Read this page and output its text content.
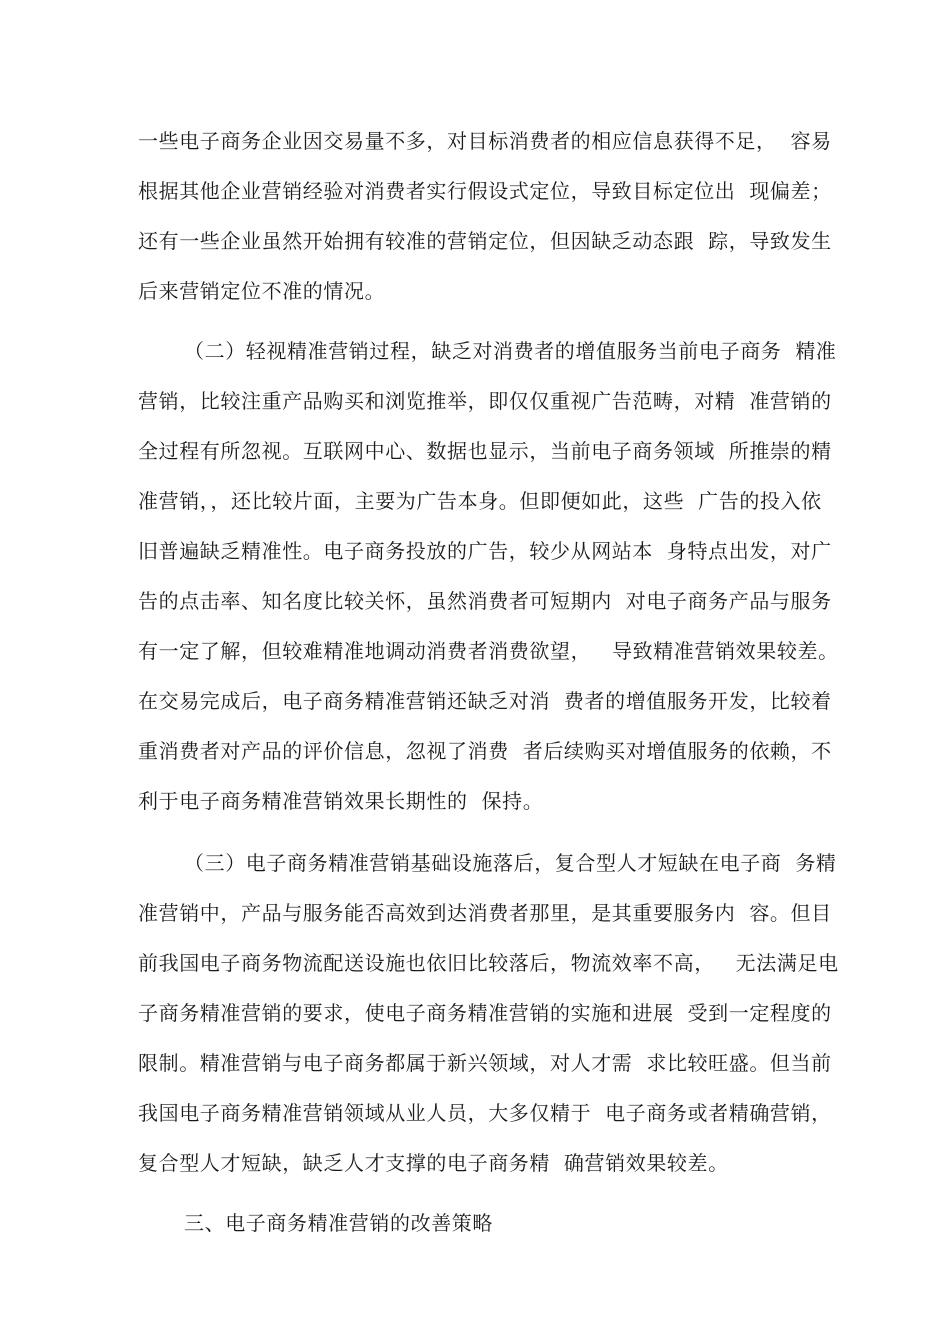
一些电子商务企业因交易量不多，对目标消费者的相应信息获得不足，  容易
根据其他企业营销经验对消费者实行假设式定位，导致目标定位出  现偏差；
还有一些企业虽然开始拥有较准的营销定位，但因缺乏动态跟  踪，导致发生
后来营销定位不准的情况。
（二）轻视精准营销过程，缺乏对消费者的增值服务当前电子商务  精准
营销，比较注重产品购买和浏览推举，即仅仅重视广告范畴，对精  准营销的
全过程有所忽视。互联网中心、数据也显示，当前电子商务领域  所推崇的精
准营销，，还比较片面，主要为广告本身。但即便如此，这些  广告的投入依
旧普遍缺乏精准性。电子商务投放的广告，较少从网站本  身特点出发，对广
告的点击率、知名度比较关怀，虽然消费者可短期内  对电子商务产品与服务
有一定了解，但较难精准地调动消费者消费欲望，   导致精准营销效果较差。
在交易完成后，电子商务精准营销还缺乏对消  费者的增值服务开发，比较着
重消费者对产品的评价信息，忽视了消费  者后续购买对增值服务的依赖，不
利于电子商务精准营销效果长期性的  保持。
（三）电子商务精准营销基础设施落后，复合型人才短缺在电子商  务精
准营销中，产品与服务能否高效到达消费者那里，是其重要服务内  容。但目
前我国电子商务物流配送设施也依旧比较落后，物流效率不高，   无法满足电
子商务精准营销的要求，使电子商务精准营销的实施和进展  受到一定程度的
限制。精准营销与电子商务都属于新兴领域，对人才需  求比较旺盛。但当前
我国电子商务精准营销领域从业人员，大多仅精于  电子商务或者精确营销，
复合型人才短缺，缺乏人才支撑的电子商务精  确营销效果较差。
三、电子商务精准营销的改善策略
